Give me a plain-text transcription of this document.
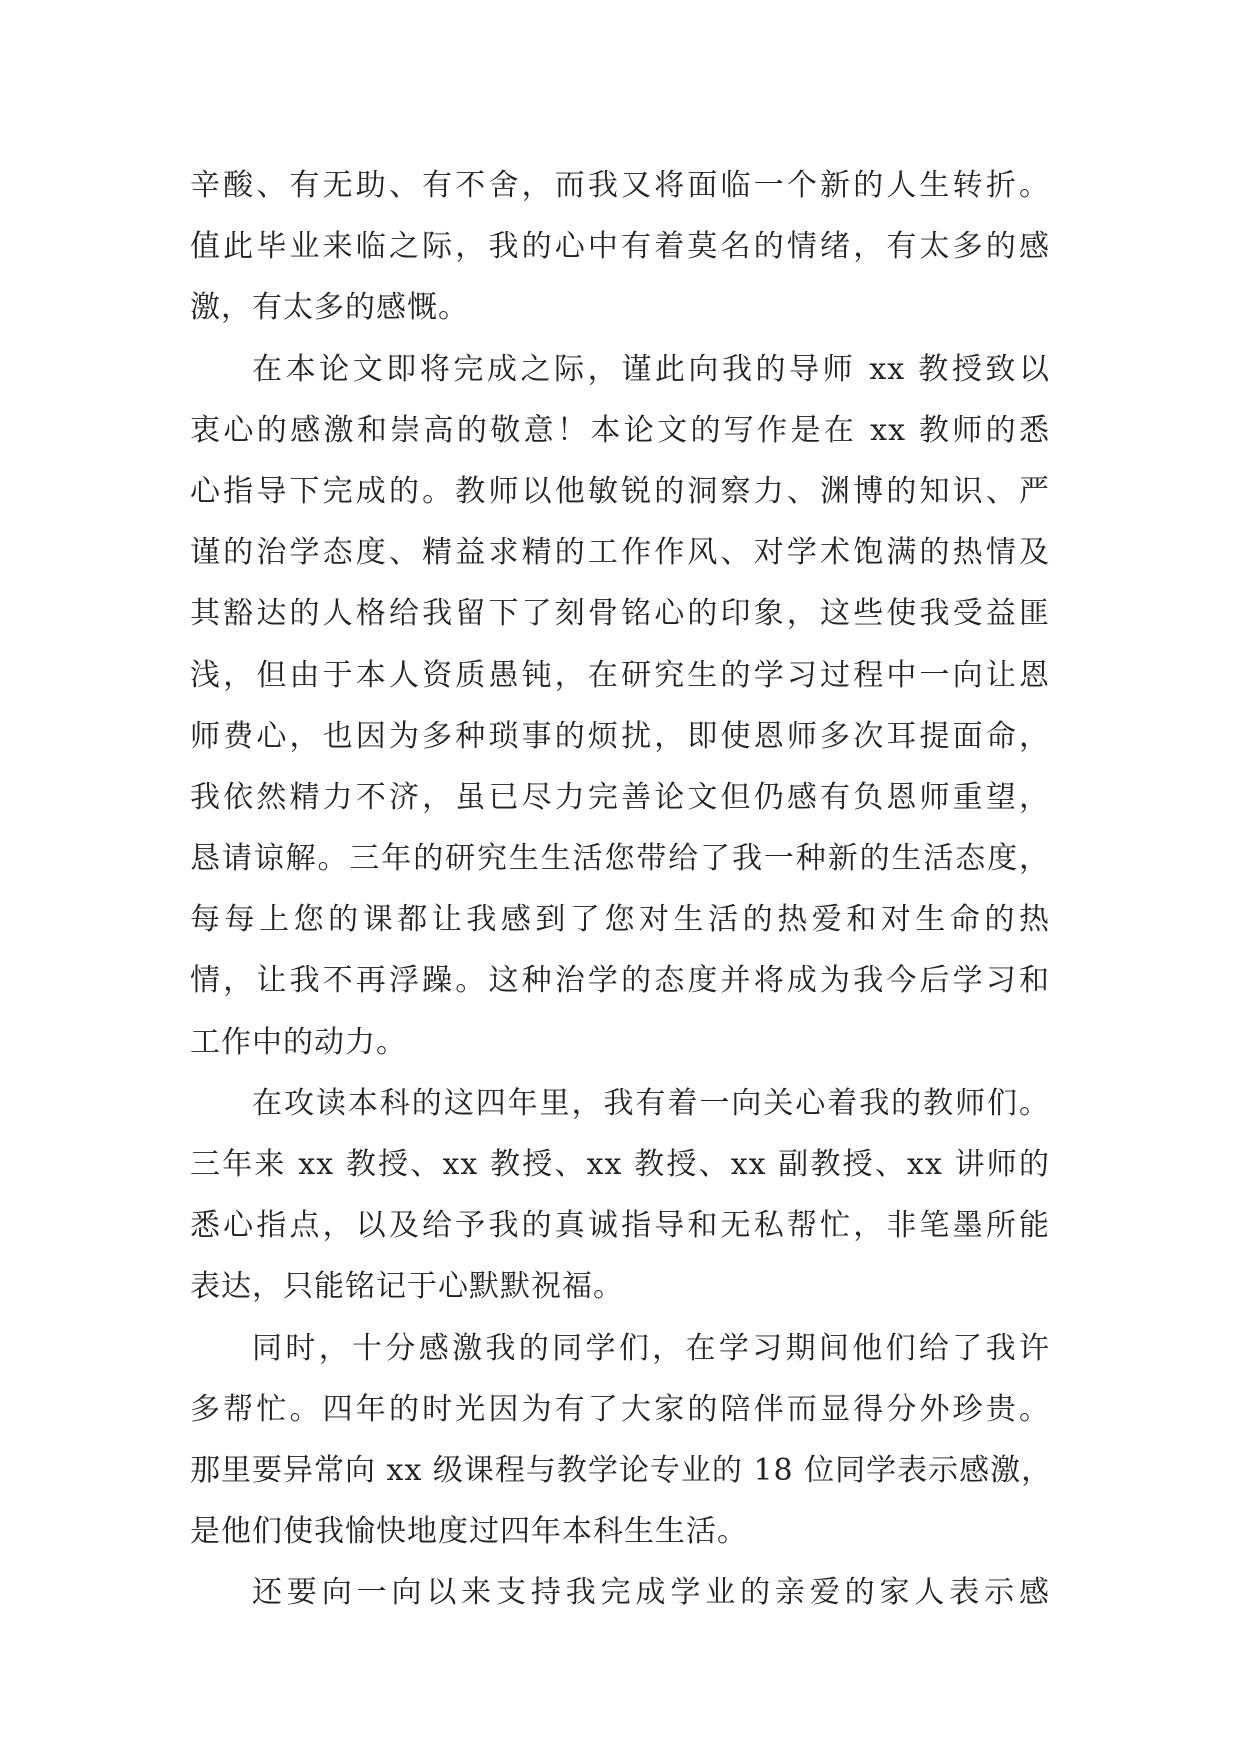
辛酸、有无助、有不舍，而我又将面临一个新的人生转折。
值此毕业来临之际，我的心中有着莫名的情绪，有太多的感
激，有太多的感慨。
在本论文即将完成之际，谨此向我的导师 xx 教授致以
衷心的感激和崇高的敬意！本论文的写作是在 xx 教师的悉
心指导下完成的。教师以他敏锐的洞察力、渊博的知识、严
谨的治学态度、精益求精的工作作风、对学术饱满的热情及
其豁达的人格给我留下了刻骨铭心的印象，这些使我受益匪
浅，但由于本人资质愚钝，在研究生的学习过程中一向让恩
师费心，也因为多种琐事的烦扰，即使恩师多次耳提面命，
我依然精力不济，虽已尽力完善论文但仍感有负恩师重望，
恳请谅解。三年的研究生生活您带给了我一种新的生活态度，
每每上您的课都让我感到了您对生活的热爱和对生命的热
情，让我不再浮躁。这种治学的态度并将成为我今后学习和
工作中的动力。
在攻读本科的这四年里，我有着一向关心着我的教师们。
三年来 xx 教授、xx 教授、xx 教授、xx 副教授、xx 讲师的
悉心指点，以及给予我的真诚指导和无私帮忙，非笔墨所能
表达，只能铭记于心默默祝福。
同时，十分感激我的同学们，在学习期间他们给了我许
多帮忙。四年的时光因为有了大家的陪伴而显得分外珍贵。
那里要异常向 xx 级课程与教学论专业的 18 位同学表示感激，
是他们使我愉快地度过四年本科生生活。
还要向一向以来支持我完成学业的亲爱的家人表示感
